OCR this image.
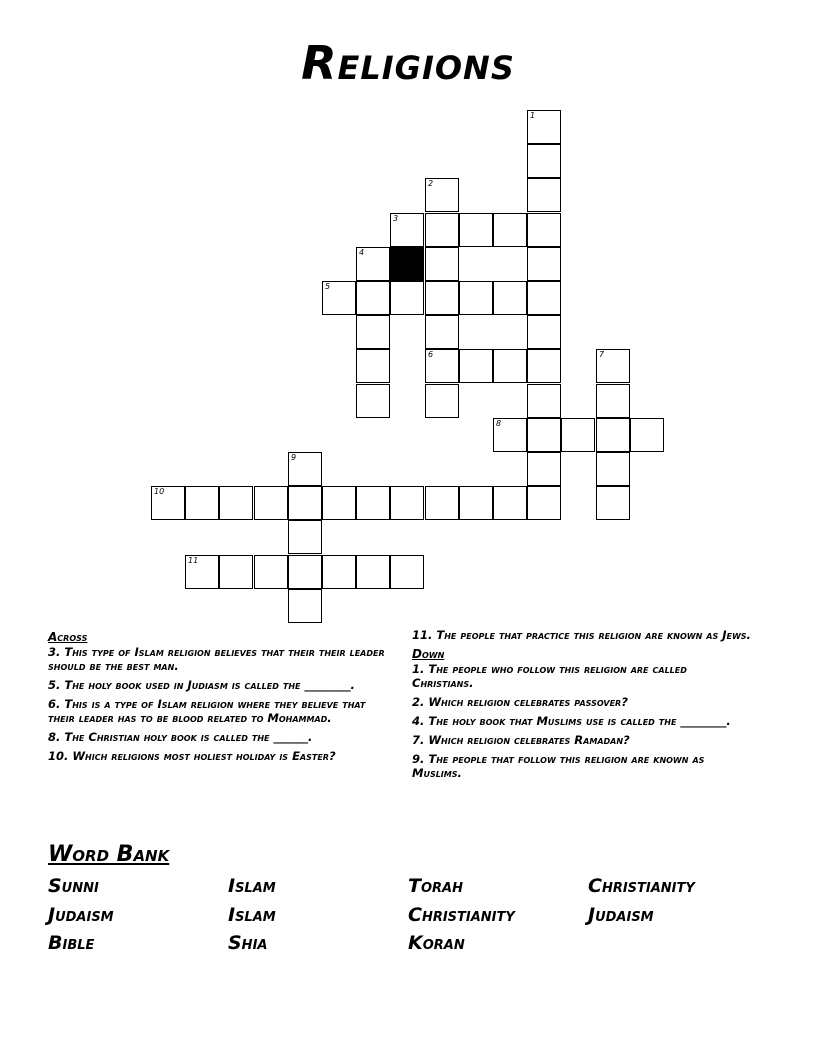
Religions
1
2
6
3
4
5
7
8
9
10
11
Across

3. This type of Islam religion believes that their their leader should be the best man.

5. The holy book used in Judiasm is called the ________.

6. This is a type of Islam religion where they believe that their leader has to be blood related to Mohammad.

8. The Christian holy book is called the ______.

10. Which religions most holiest holiday is Easter?

11. The people that practice this religion are known as Jews.

Down

1. The people who follow this religion are called Christians.

2. Which religion celebrates passover?

4. The holy book that Muslims use is called the ________.

7. Which religion celebrates Ramadan?

9. The people that follow this religion are known as Muslims.

Word Bank
Sunni	Islam	Torah	Christianity
Judaism	Islam	Christianity	Judaism
Bible	Shia	Koran
